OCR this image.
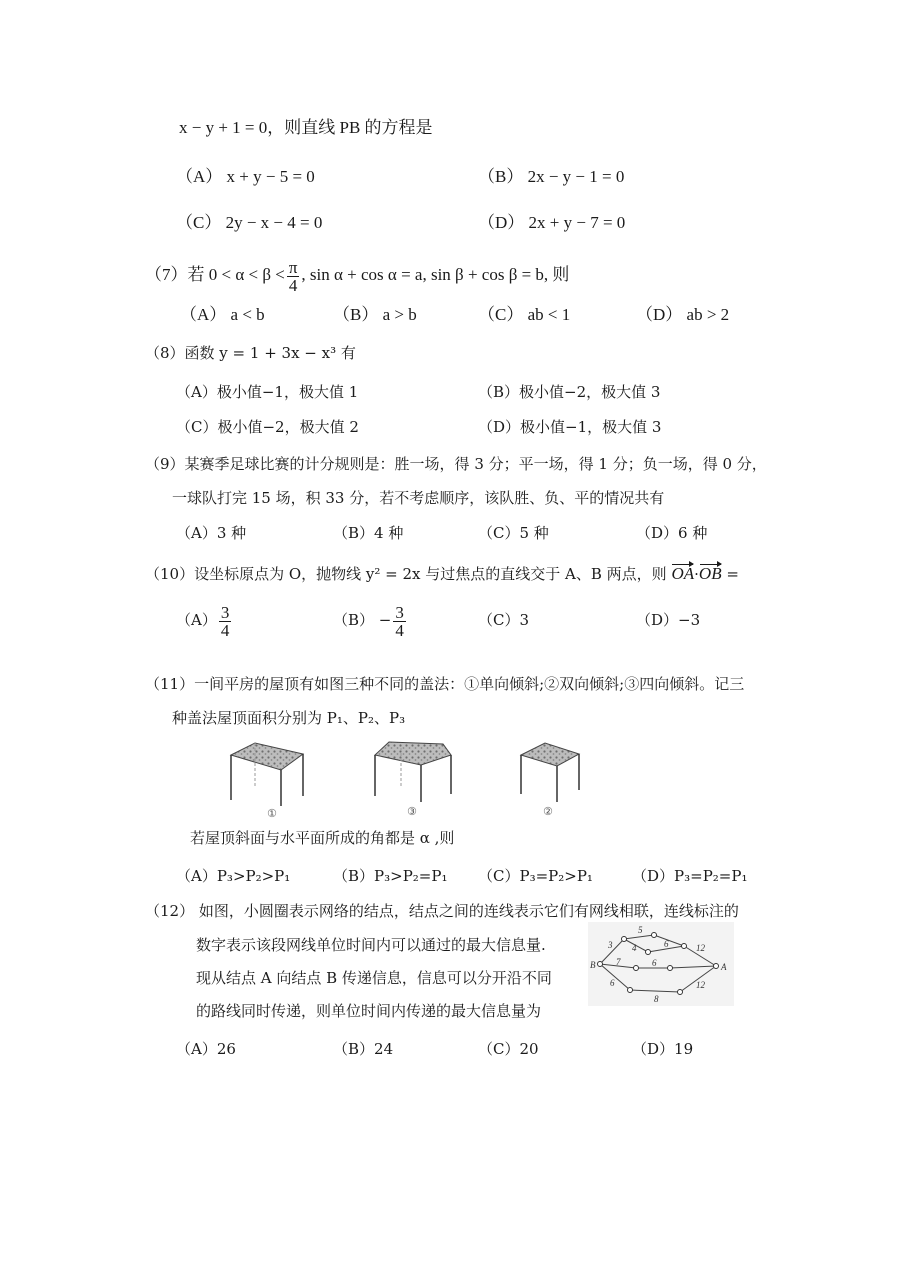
x − y + 1 = 0，则直线 PB 的方程是
（A） x + y − 5 = 0	（B） 2x − y − 1 = 0
（C） 2y − x − 4 = 0	（D） 2x + y − 7 = 0
（7）若 $0 < \alpha < \beta < \frac{\pi}{4}$ , sin α + cos α = a, sin β + cos β = b, 则
（A） a < b	（B） a > b	（C） ab < 1	（D） ab > 2
（8）函数 y = 1 + 3x − x³ 有
（A）极小值−1，极大值 1	（B）极小值−2，极大值 3
（C）极小值−2，极大值 2	（D）极小值−1，极大值 3
（9）某赛季足球比赛的计分规则是：胜一场，得 3 分；平一场，得 1 分；负一场，得 0 分，
一球队打完 15 场，积 33 分，若不考虑顺序，该队胜、负、平的情况共有
（A）3 种	（B）4 种	（C）5 种	（D）6 种
（10）设坐标原点为 O，抛物线 y² = 2x 与过焦点的直线交于 A、B 两点，则 OA·OB =
$(A) \frac{3}{4}$	$(B) - \frac{3}{4}$	（C）3	（D）−3
（11）一间平房的屋顶有如图三种不同的盖法：①单向倾斜;②双向倾斜;③四向倾斜。记三
种盖法屋顶面积分别为 P₁、P₂、P₃
①	③	②
若屋顶斜面与水平面所成的角都是 α ,则
（A）P₃>P₂>P₁	（B）P₃>P₂=P₁ （C）P₃=P₂>P₁	（D）P₃=P₂=P₁
（12） 如图，小圆圈表示网络的结点，结点之间的连线表示它们有网线相联，连线标注的
数字表示该段网线单位时间内可以通过的最大信息量.
现从结点 A 向结点 B 传递信息，信息可以分开沿不同
的路线同时传递，则单位时间内传递的最大信息量为
B	A
3
5
4	6	12
7	6
6
8
12
（A）26	（B）24	（C）20	（D）19
